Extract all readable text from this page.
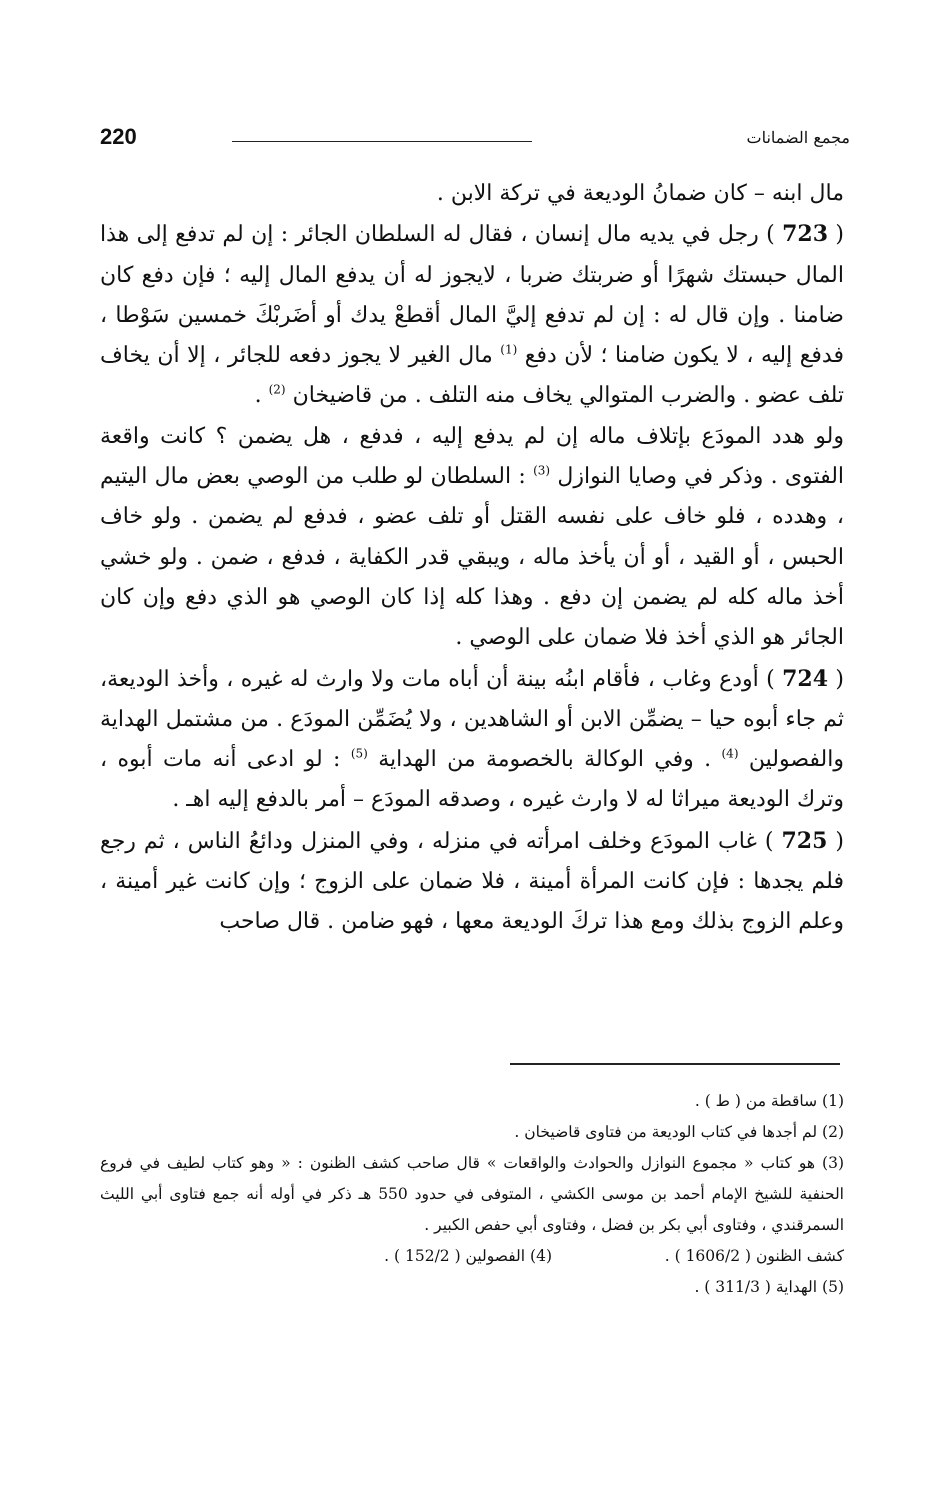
220	مجمع الضمانات

مال ابنه – كان ضمانُ الوديعة في تركة الابن .

( 723 ) رجل في يديه مال إنسان ، فقال له السلطان الجائر : إن لم تدفع إلى هذا المال حبستك شهرًا أو ضربتك ضربا ، لايجوز له أن يدفع المال إليه ؛ فإن دفع كان ضامنا . وإن قال له : إن لم تدفع إليَّ المال أقطعْ يدك أو أضَربْكَ خمسين سَوْطا ، فدفع إليه ، لا يكون ضامنا ؛ لأن دفع $^{(1)}$ مال الغير لا يجوز دفعه للجائر ، إلا أن يخاف تلف عضو . والضرب المتوالي يخاف منه التلف . من قاضيخان $^{(2)}$ .

ولو هدد المودَع بإتلاف ماله إن لم يدفع إليه ، فدفع ، هل يضمن ؟ كانت واقعة الفتوى . وذكر في وصايا النوازل $^{(3)}$ : السلطان لو طلب من الوصي بعض مال اليتيم ، وهدده ، فلو خاف على نفسه القتل أو تلف عضو ، فدفع لم يضمن . ولو خاف الحبس ، أو القيد ، أو أن يأخذ ماله ، ويبقي قدر الكفاية ، فدفع ، ضمن . ولو خشي أخذ ماله كله لم يضمن إن دفع . وهذا كله إذا كان الوصي هو الذي دفع وإن كان الجائر هو الذي أخذ فلا ضمان على الوصي .

( 724 ) أودع وغاب ، فأقام ابنُه بينة أن أباه مات ولا وارث له غيره ، وأخذ الوديعة، ثم جاء أبوه حيا – يضمِّن الابن أو الشاهدين ، ولا يُضَمِّن المودَع . من مشتمل الهداية والفصولين $^{(4)}$ . وفي الوكالة بالخصومة من الهداية $^{(5)}$ : لو ادعى أنه مات أبوه ، وترك الوديعة ميراثا له لا وارث غيره ، وصدقه المودَع – أمر بالدفع إليه اهـ .

( 725 ) غاب المودَع وخلف امرأته في منزله ، وفي المنزل ودائعُ الناس ، ثم رجع فلم يجدها : فإن كانت المرأة أمينة ، فلا ضمان على الزوج ؛ وإن كانت غير أمينة ، وعلم الزوج بذلك ومع هذا تركَ الوديعة معها ، فهو ضامن . قال صاحب

(1) ساقطة من ( ط ) .

(2) لم أجدها في كتاب الوديعة من فتاوى قاضيخان .

(3) هو كتاب « مجموع النوازل والحوادث والواقعات » قال صاحب كشف الظنون : « وهو كتاب لطيف في فروع الحنفية للشيخ الإمام أحمد بن موسى الكشي ، المتوفى في حدود 550 هـ ذكر في أوله أنه جمع فتاوى أبي الليث السمرقندي ، وفتاوى أبي بكر بن فضل ، وفتاوى أبي حفص الكبير .

كشف الظنون ( 1606/2 ) .
(4) الفصولين ( 152/2 ) .

(5) الهداية ( 311/3 ) .
